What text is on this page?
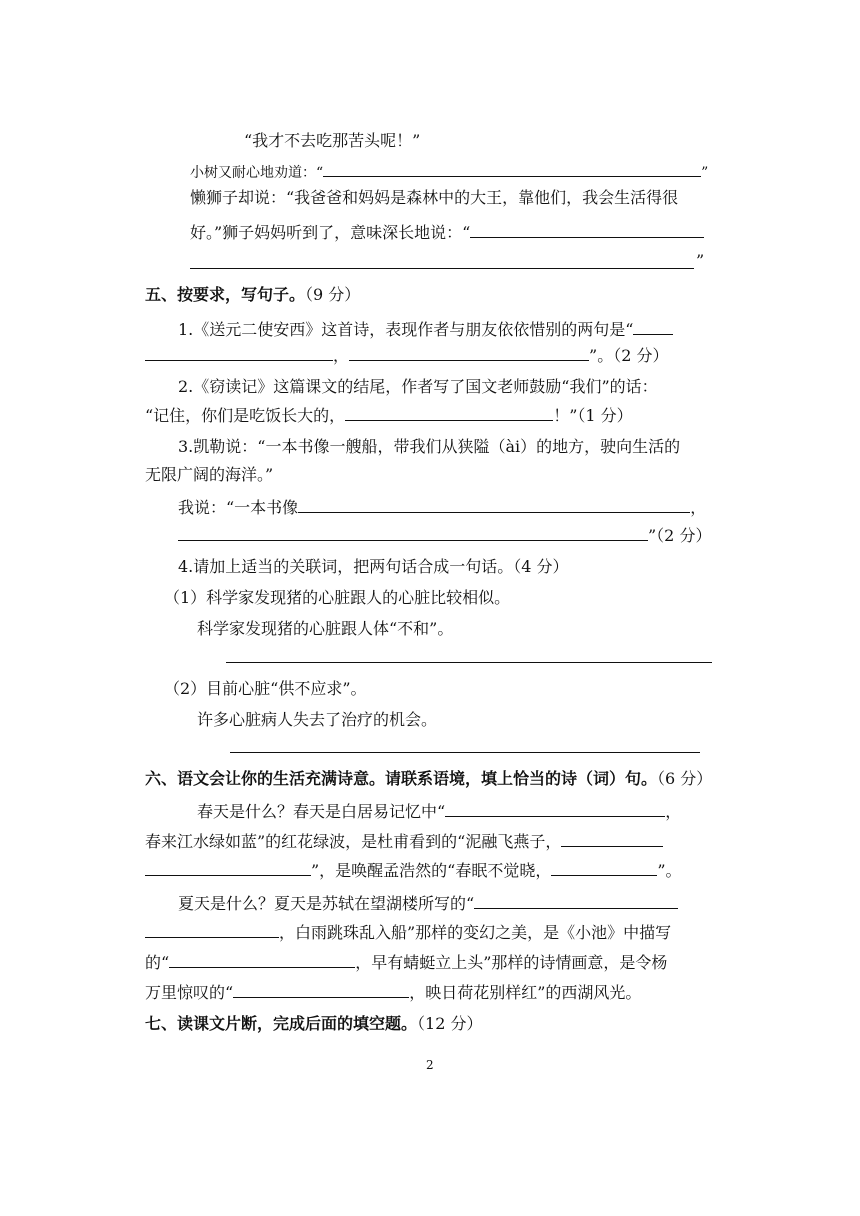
“我才不去吃那苦头呢！”
小树又耐心地劝道：“	”
懒狮子却说：“我爸爸和妈妈是森林中的大王，靠他们，我会生活得很
好。”狮子妈妈听到了，意味深长地说：“
”
五、按要求，写句子。（9 分）
1.《送元二使安西》这首诗，表现作者与朋友依依惜别的两句是“
，	”。（2 分）
2.《窃读记》这篇课文的结尾，作者写了国文老师鼓励“我们”的话：
“记住，你们是吃饭长大的，	！”（1 分）
3.凯勒说：“一本书像一艘船，带我们从狭隘（ài）的地方，驶向生活的
无限广阔的海洋。”
我说：“一本书像	，
”（2 分）
4.请加上适当的关联词，把两句话合成一句话。（4 分）
（1）科学家发现猪的心脏跟人的心脏比较相似。
科学家发现猪的心脏跟人体“不和”。
（2）目前心脏“供不应求”。
许多心脏病人失去了治疗的机会。
六、语文会让你的生活充满诗意。请联系语境，填上恰当的诗（词）句。（6 分）
春天是什么？春天是白居易记忆中“	，
春来江水绿如蓝”的红花绿波，是杜甫看到的“泥融飞燕子，
”，是唤醒孟浩然的“春眠不觉晓，	”。
夏天是什么？夏天是苏轼在望湖楼所写的“
，白雨跳珠乱入船”那样的变幻之美，是《小池》中描写
的“	，早有蜻蜓立上头”那样的诗情画意，是令杨
万里惊叹的“	，映日荷花别样红”的西湖风光。
七、读课文片断，完成后面的填空题。（12 分）
2
